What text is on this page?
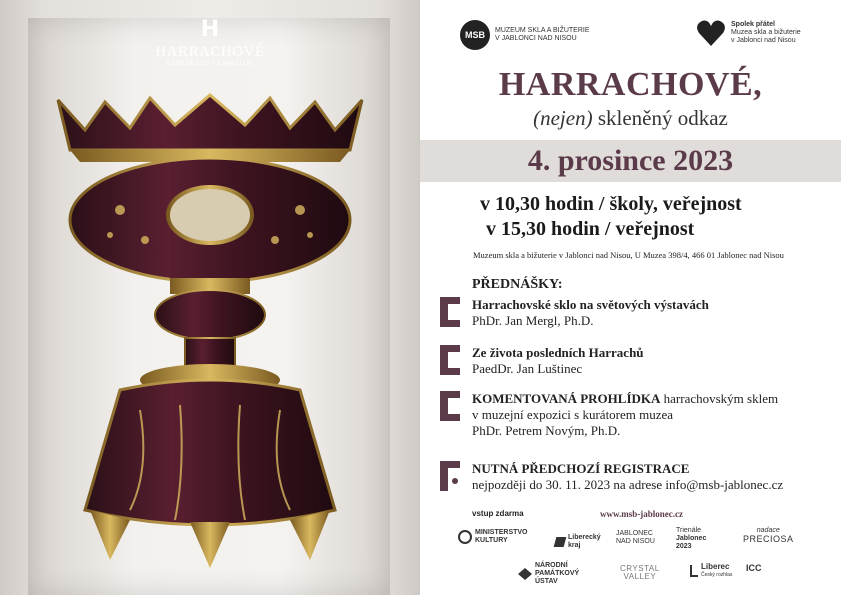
H
HARRACHOVÉ
VZNEŠENOST ZAVAZUJE
MSB	MUZEUM SKLA A BIŽUTERIE
V JABLONCI NAD NISOU
Spolek přátel
Muzea skla a bižuterie
v Jablonci nad Nisou
HARRACHOVÉ,
(nejen) skleněný odkaz
4. prosince 2023
v 10,30 hodin / školy, veřejnost
v 15,30 hodin / veřejnost
Muzeum skla a bižuterie v Jablonci nad Nisou, U Muzea 398/4, 466 01 Jablonec nad Nisou
PŘEDNÁŠKY:
Harrachovské sklo na světových výstavách
PhDr. Jan Mergl, Ph.D.
Ze života posledních Harrachů
PaedDr. Jan Luštinec
KOMENTOVANÁ PROHLÍDKA harrachovským sklem
v muzejní expozici s kurátorem muzea
PhDr. Petrem Novým, Ph.D.
NUTNÁ PŘEDCHOZÍ REGISTRACE
nejpozději do 30. 11. 2023 na adrese info@msb-jablonec.cz
vstup zdarma	www.msb-jablonec.cz
MINISTERSTVO KULTURY	Liberecký kraj
JABLONEC
NAD NISOU
Trienále
Jablonec
2023
nadace
PRECIOSA
NÁRODNÍ
PAMÁTKOVÝ
ÚSTAV
CRYSTAL
VALLEY
Liberec
Český rozhlas
ICC
